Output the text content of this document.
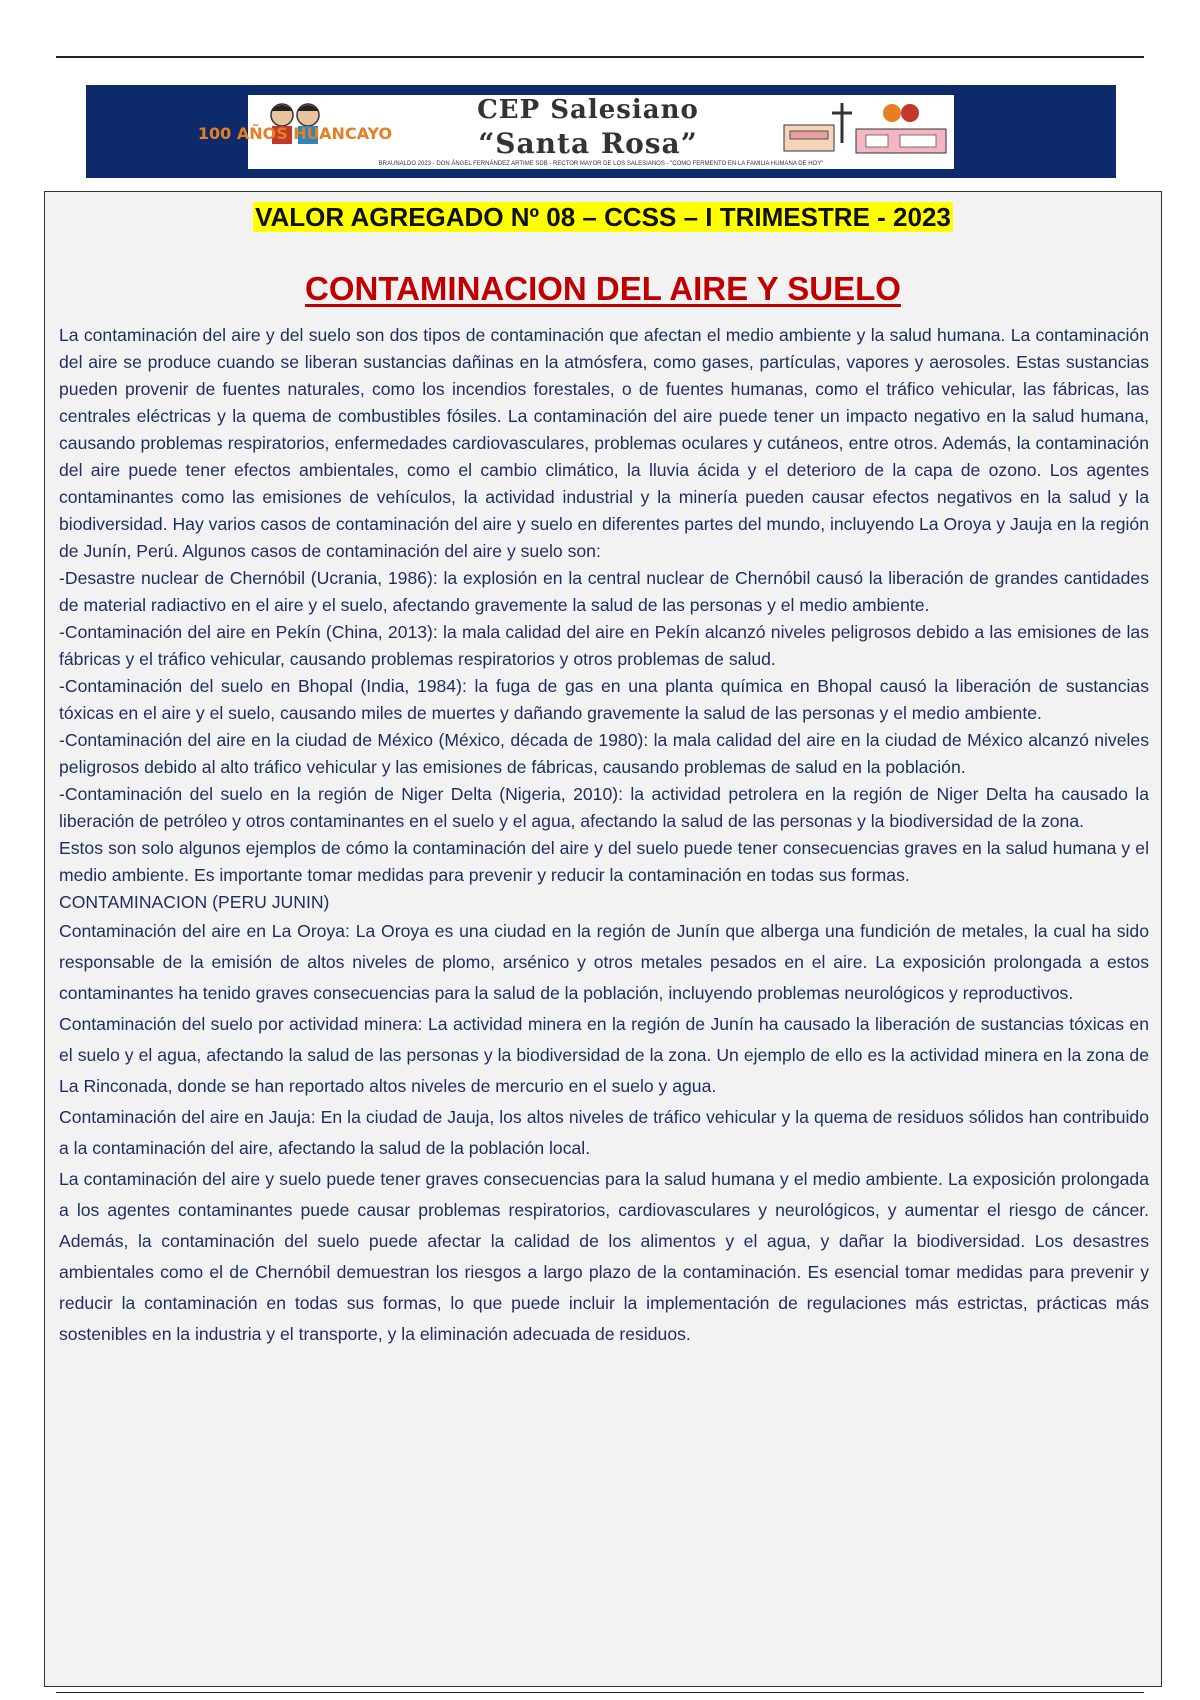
100 AÑOS HUANCAYO
CEP Salesiano
“Santa Rosa”
BRAUNALDO 2023 - DON ÁNGEL FERNÁNDEZ ARTIME SDB - RECTOR MAYOR DE LOS SALESIANOS - "COMO FERMENTO EN LA FAMILIA HUMANA DE HOY"
VALOR AGREGADO Nº 08 – CCSS – I TRIMESTRE - 2023
CONTAMINACION DEL AIRE Y SUELO

La contaminación del aire y del suelo son dos tipos de contaminación que afectan el medio ambiente y la salud humana. La contaminación del aire se produce cuando se liberan sustancias dañinas en la atmósfera, como gases, partículas, vapores y aerosoles. Estas sustancias pueden provenir de fuentes naturales, como los incendios forestales, o de fuentes humanas, como el tráfico vehicular, las fábricas, las centrales eléctricas y la quema de combustibles fósiles. La contaminación del aire puede tener un impacto negativo en la salud humana, causando problemas respiratorios, enfermedades cardiovasculares, problemas oculares y cutáneos, entre otros. Además, la contaminación del aire puede tener efectos ambientales, como el cambio climático, la lluvia ácida y el deterioro de la capa de ozono. Los agentes contaminantes como las emisiones de vehículos, la actividad industrial y la minería pueden causar efectos negativos en la salud y la biodiversidad. Hay varios casos de contaminación del aire y suelo en diferentes partes del mundo, incluyendo La Oroya y Jauja en la región de Junín, Perú. Algunos casos de contaminación del aire y suelo son:

-Desastre nuclear de Chernóbil (Ucrania, 1986): la explosión en la central nuclear de Chernóbil causó la liberación de grandes cantidades de material radiactivo en el aire y el suelo, afectando gravemente la salud de las personas y el medio ambiente.

-Contaminación del aire en Pekín (China, 2013): la mala calidad del aire en Pekín alcanzó niveles peligrosos debido a las emisiones de las fábricas y el tráfico vehicular, causando problemas respiratorios y otros problemas de salud.

-Contaminación del suelo en Bhopal (India, 1984): la fuga de gas en una planta química en Bhopal causó la liberación de sustancias tóxicas en el aire y el suelo, causando miles de muertes y dañando gravemente la salud de las personas y el medio ambiente.

-Contaminación del aire en la ciudad de México (México, década de 1980): la mala calidad del aire en la ciudad de México alcanzó niveles peligrosos debido al alto tráfico vehicular y las emisiones de fábricas, causando problemas de salud en la población.

-Contaminación del suelo en la región de Niger Delta (Nigeria, 2010): la actividad petrolera en la región de Niger Delta ha causado la liberación de petróleo y otros contaminantes en el suelo y el agua, afectando la salud de las personas y la biodiversidad de la zona.

Estos son solo algunos ejemplos de cómo la contaminación del aire y del suelo puede tener consecuencias graves en la salud humana y el medio ambiente. Es importante tomar medidas para prevenir y reducir la contaminación en todas sus formas.

CONTAMINACION (PERU JUNIN)

Contaminación del aire en La Oroya: La Oroya es una ciudad en la región de Junín que alberga una fundición de metales, la cual ha sido responsable de la emisión de altos niveles de plomo, arsénico y otros metales pesados en el aire. La exposición prolongada a estos contaminantes ha tenido graves consecuencias para la salud de la población, incluyendo problemas neurológicos y reproductivos.

Contaminación del suelo por actividad minera: La actividad minera en la región de Junín ha causado la liberación de sustancias tóxicas en el suelo y el agua, afectando la salud de las personas y la biodiversidad de la zona. Un ejemplo de ello es la actividad minera en la zona de La Rinconada, donde se han reportado altos niveles de mercurio en el suelo y agua.

Contaminación del aire en Jauja: En la ciudad de Jauja, los altos niveles de tráfico vehicular y la quema de residuos sólidos han contribuido a la contaminación del aire, afectando la salud de la población local.

La contaminación del aire y suelo puede tener graves consecuencias para la salud humana y el medio ambiente. La exposición prolongada a los agentes contaminantes puede causar problemas respiratorios, cardiovasculares y neurológicos, y aumentar el riesgo de cáncer. Además, la contaminación del suelo puede afectar la calidad de los alimentos y el agua, y dañar la biodiversidad. Los desastres ambientales como el de Chernóbil demuestran los riesgos a largo plazo de la contaminación. Es esencial tomar medidas para prevenir y reducir la contaminación en todas sus formas, lo que puede incluir la implementación de regulaciones más estrictas, prácticas más sostenibles en la industria y el transporte, y la eliminación adecuada de residuos.
